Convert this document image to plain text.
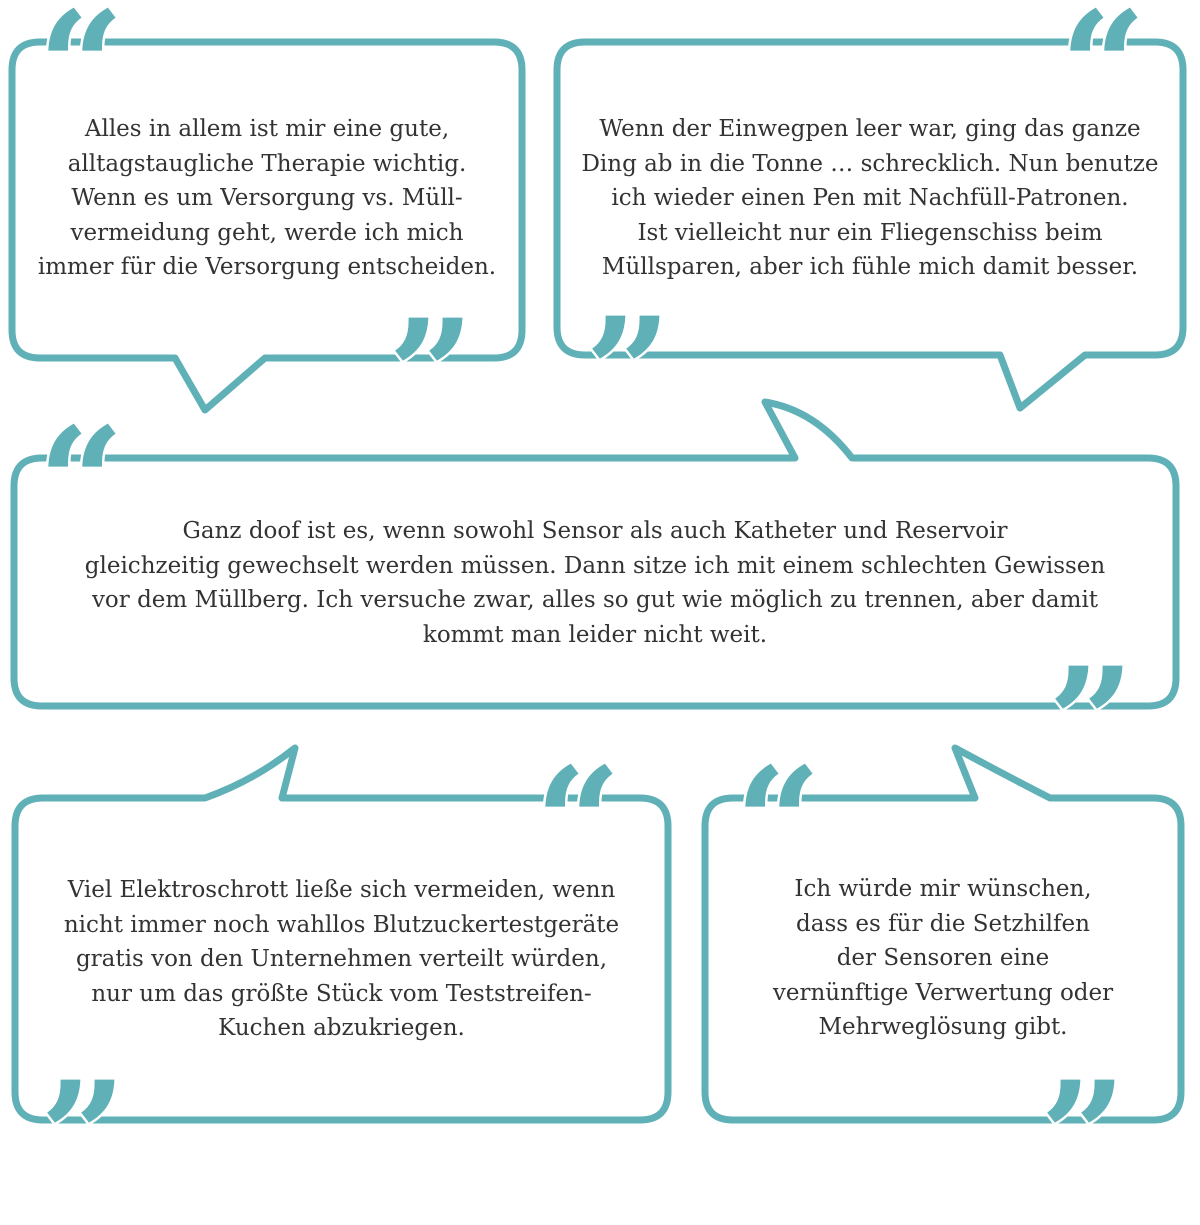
“
”
“
”
“
”
“
”
“
”

Alles in allem ist mir eine gute,
alltagstaugliche Therapie wichtig.
Wenn es um Versorgung vs. Müll-
vermeidung geht, werde ich mich
immer für die Versorgung entscheiden.

Wenn der Einwegpen leer war, ging das ganze
Ding ab in die Tonne … schrecklich. Nun benutze
ich wieder einen Pen mit Nachfüll-Patronen.
Ist vielleicht nur ein Fliegenschiss beim
Müllsparen, aber ich fühle mich damit besser.

Ganz doof ist es, wenn sowohl Sensor als auch Katheter und Reservoir
gleichzeitig gewechselt werden müssen. Dann sitze ich mit einem schlechten Gewissen
vor dem Müllberg. Ich versuche zwar, alles so gut wie möglich zu trennen, aber damit
kommt man leider nicht weit.

Viel Elektroschrott ließe sich vermeiden, wenn
nicht immer noch wahllos Blutzuckertestgeräte
gratis von den Unternehmen verteilt würden,
nur um das größte Stück vom Teststreifen-
Kuchen abzukriegen.

Ich würde mir wünschen,
dass es für die Setzhilfen
der Sensoren eine
vernünftige Verwertung oder
Mehrweglösung gibt.
